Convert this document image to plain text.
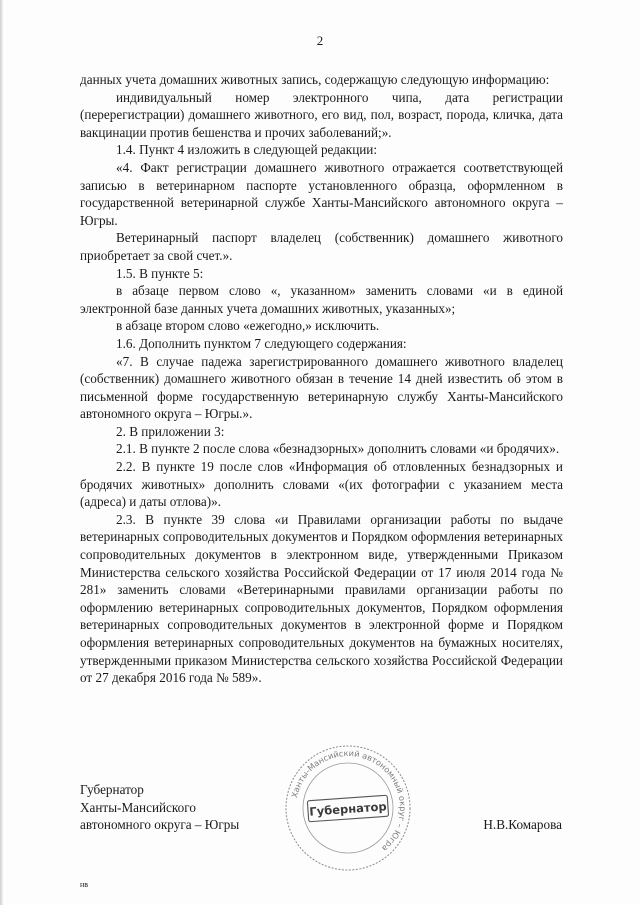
2

данных учета домашних животных запись, содержащую следующую информацию:

индивидуальный номер электронного чипа, дата регистрации (перерегистрации) домашнего животного, его вид, пол, возраст, порода, кличка, дата вакцинации против бешенства и прочих заболеваний;».

1.4. Пункт 4 изложить в следующей редакции:

«4. Факт регистрации домашнего животного отражается соответствующей записью в ветеринарном паспорте установленного образца, оформленном в государственной ветеринарной службе Ханты-Мансийского автономного округа – Югры.

Ветеринарный паспорт владелец (собственник) домашнего животного приобретает за свой счет.».

1.5. В пункте 5:

в абзаце первом слово «, указанном» заменить словами «и в единой электронной базе данных учета домашних животных, указанных»;

в абзаце втором слово «ежегодно,» исключить.

1.6. Дополнить пунктом 7 следующего содержания:

«7. В случае падежа зарегистрированного домашнего животного владелец (собственник) домашнего животного обязан в течение 14 дней известить об этом в письменной форме государственную ветеринарную службу Ханты-Мансийского автономного округа – Югры.».

2. В приложении 3:

2.1. В пункте 2 после слова «безнадзорных» дополнить словами «и бродячих».

2.2. В пункте 19 после слов «Информация об отловленных безнадзорных и бродячих животных» дополнить словами «(их фотографии с указанием места (адреса) и даты отлова)».

2.3. В пункте 39 слова «и Правилами организации работы по выдаче ветеринарных сопроводительных документов и Порядком оформления ветеринарных сопроводительных документов в электронном виде, утвержденными Приказом Министерства сельского хозяйства Российской Федерации от 17 июля 2014 года № 281» заменить словами «Ветеринарными правилами организации работы по оформлению ветеринарных сопроводительных документов, Порядком оформления ветеринарных сопроводительных документов в электронной форме и Порядком оформления ветеринарных сопроводительных документов на бумажных носителях, утвержденными приказом Министерства сельского хозяйства Российской Федерации от 27 декабря 2016 года № 589».

Губернатор
Ханты-Мансийского
автономного округа – Югры
Ханты-Мансийский автономный округ – Югра
Губернатор
Н.В.Комарова
нв
